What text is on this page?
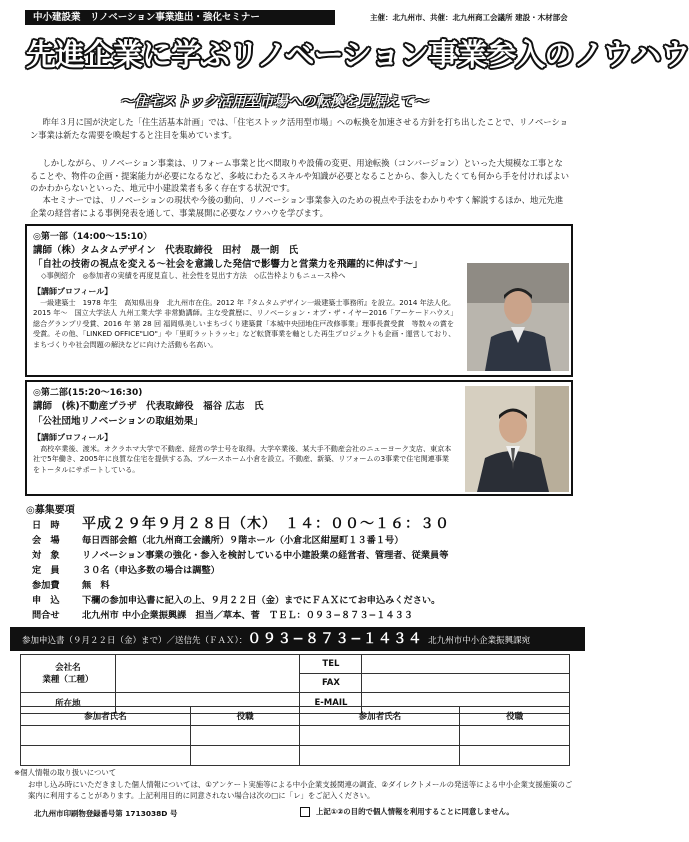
中小建設業　リノベーション事業進出・強化セミナー	主催：北九州市、共催：北九州商工会議所 建設・木材部会
先進企業に学ぶリノベーション事業参入のノウハウ
〜住宅ストック活用型市場への転換を見据えて〜

昨年３月に国が決定した「住生活基本計画」では、「住宅ストック活用型市場」への転換を加速させる方針を打ち出したことで、リノベーション事業は新たな需要を喚起すると注目を集めています。

しかしながら、リノベーション事業は、リフォーム事業と比べ間取りや設備の変更、用途転換（コンバージョン）といった大規模な工事となることや、物件の企画・提案能力が必要になるなど、多岐にわたるスキルや知識が必要となることから、参入したくても何から手を付ければよいのかわからないといった、地元中小建設業者も多く存在する状況です。

本セミナーでは、リノベーションの現状や今後の動向、リノベーション事業参入のための視点や手法をわかりやすく解説するほか、地元先進企業の経営者による事例発表を通して、事業展開に必要なノウハウを学びます。

◎第一部（14:00〜15:10）
講師（株）タムタムデザイン　代表取締役　田村　晟一朗　氏
「自社の技術の視点を変える〜社会を意識した発信で影響力と営業力を飛躍的に伸ばす〜」
◇事例紹介　◎参加者の実績を再度見直し、社会性を見出す方法　◇広告枠よりもニュース枠へ
【講師プロフィール】

一級建築士　1978 年生　高知県出身　北九州市在住。2012 年『タムタムデザイン一級建築士事務所』を設立。2014 年法人化。2015 年〜　国立大学法人 九州工業大学 非常勤講師。主な受賞歴に、リノベーション・オブ・ザ・イヤー2016「アーケードハウス」総合グランプリ受賞、2016 年 第 28 回 福岡県美しいまちづくり建築賞「本城中央団地住戸改修事業」理事長賞受賞　等数々の賞を受賞。その他、「LINKED OFFICE"LIO"」や「里町ラットラッセ」など転貸事業を軸とした再生プロジェクトも企画・運営しており、まちづくりや社会問題の解決などに向けた活動も名高い。

◎第二部(15:20〜16:30)
講師　(株)不動産プラザ　代表取締役　福谷 広志　氏
「公社団地リノベーションの取組効果」
【講師プロフィール】

高校卒業後、渡米。オクラホマ大学で不動産、経営の学士号を取得。大学卒業後、某大手不動産会社のニューヨーク支店、東京本社で5年働き、2005年に良質な住宅を提供する為、ブルースホーム小倉を設立。不動産、新築、リフォームの3事業で住宅関連事業をトータルにサポートしている。

◎募集要項
日　時 平成２９年９月２８日（木）　１４：００〜１６：３０
会　場 毎日西部会館（北九州商工会議所）９階ホール（小倉北区紺屋町１３番１号）
対　象 リノベーション事業の強化・参入を検討している中小建設業の経営者、管理者、従業員等
定　員 ３０名（申込多数の場合は調整）
参加費 無　料
申　込 下欄の参加申込書に記入の上、９月２２日（金）までにＦＡＸにてお申込みください。
問合せ 北九州市 中小企業振興課　担当／草本、菅　ＴＥＬ：０９３−８７３−１４３３
参加申込書（９月２２日（金）まで）／送信先（ＦＡＸ）：０９３−８７３−１４３４ 北九州市中小企業振興課宛
会社名
業種（工種）		TEL	
		FAX	
所在地		E-MAIL	
参加者氏名	役職	参加者氏名	役職

※個人情報の取り扱いについて
お申し込み時にいただきました個人情報については、①アンケート実施等による中小企業支援関連の調査、②ダイレクトメールの発送等による中小企業支援施策のご案内に利用することがあります。上記利用目的に同意されない場合は次の□に「レ」をご記入ください。
上記①②の目的で個人情報を利用することに同意しません。
北九州市印刷物登録番号第 1713038D 号
